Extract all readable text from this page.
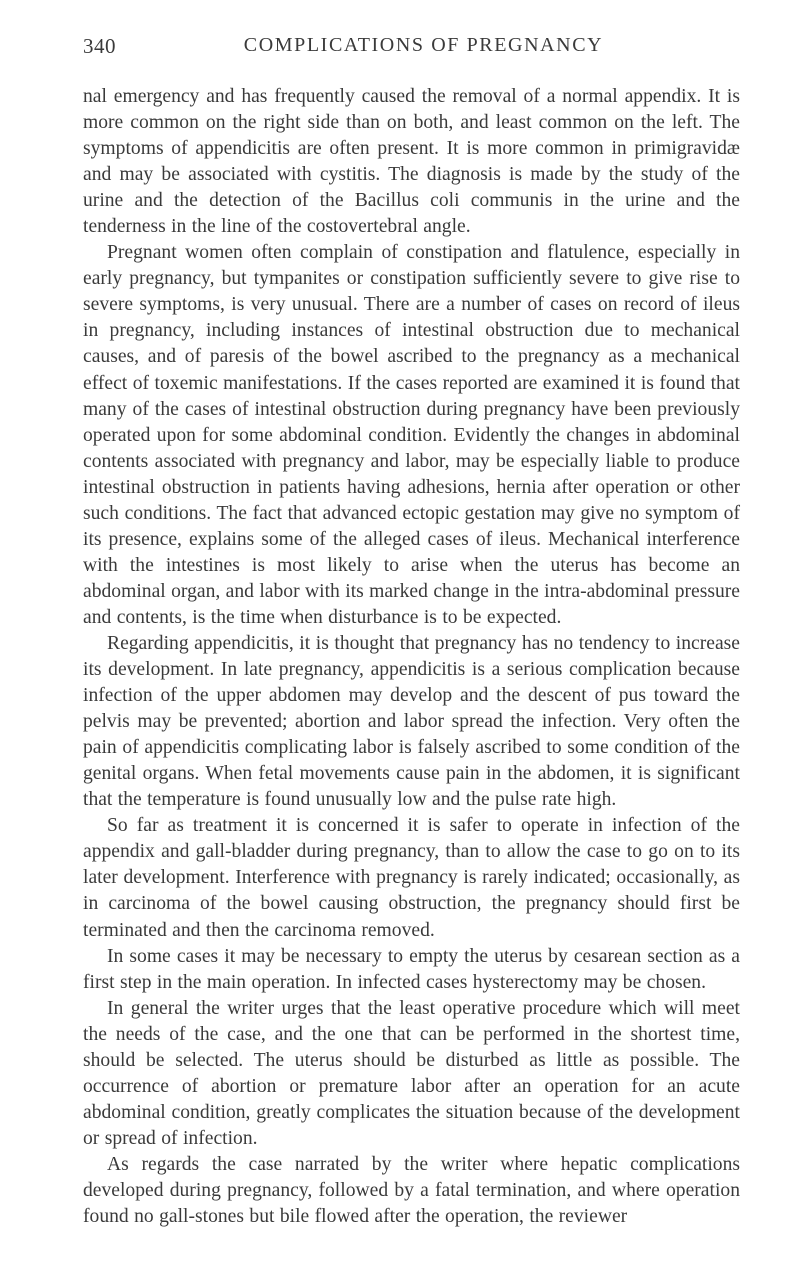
340	COMPLICATIONS OF PREGNANCY

nal emergency and has frequently caused the removal of a normal appendix. It is more common on the right side than on both, and least common on the left. The symptoms of appendicitis are often present. It is more common in primigravidæ and may be associated with cystitis. The diagnosis is made by the study of the urine and the detection of the Bacillus coli communis in the urine and the tenderness in the line of the costovertebral angle.

Pregnant women often complain of constipation and flatulence, especially in early pregnancy, but tympanites or constipation sufficiently severe to give rise to severe symptoms, is very unusual. There are a number of cases on record of ileus in pregnancy, including instances of intestinal obstruction due to mechanical causes, and of paresis of the bowel ascribed to the pregnancy as a mechanical effect of toxemic manifestations. If the cases reported are examined it is found that many of the cases of intestinal obstruction during pregnancy have been previously operated upon for some abdominal condition. Evidently the changes in abdominal contents associated with pregnancy and labor, may be especially liable to produce intestinal obstruction in patients having adhesions, hernia after operation or other such conditions. The fact that advanced ectopic gestation may give no symptom of its presence, explains some of the alleged cases of ileus. Mechanical interference with the intestines is most likely to arise when the uterus has become an abdominal organ, and labor with its marked change in the intra-abdominal pressure and contents, is the time when disturbance is to be expected.

Regarding appendicitis, it is thought that pregnancy has no tendency to increase its development. In late pregnancy, appendicitis is a serious complication because infection of the upper abdomen may develop and the descent of pus toward the pelvis may be prevented; abortion and labor spread the infection. Very often the pain of appendicitis complicating labor is falsely ascribed to some condition of the genital organs. When fetal movements cause pain in the abdomen, it is significant that the temperature is found unusually low and the pulse rate high.

So far as treatment it is concerned it is safer to operate in infection of the appendix and gall-bladder during pregnancy, than to allow the case to go on to its later development. Interference with pregnancy is rarely indicated; occasionally, as in carcinoma of the bowel causing obstruction, the pregnancy should first be terminated and then the carcinoma removed.

In some cases it may be necessary to empty the uterus by cesarean section as a first step in the main operation. In infected cases hysterectomy may be chosen.

In general the writer urges that the least operative procedure which will meet the needs of the case, and the one that can be performed in the shortest time, should be selected. The uterus should be disturbed as little as possible. The occurrence of abortion or premature labor after an operation for an acute abdominal condition, greatly complicates the situation because of the development or spread of infection.

As regards the case narrated by the writer where hepatic complications developed during pregnancy, followed by a fatal termination, and where operation found no gall-stones but bile flowed after the operation, the reviewer
